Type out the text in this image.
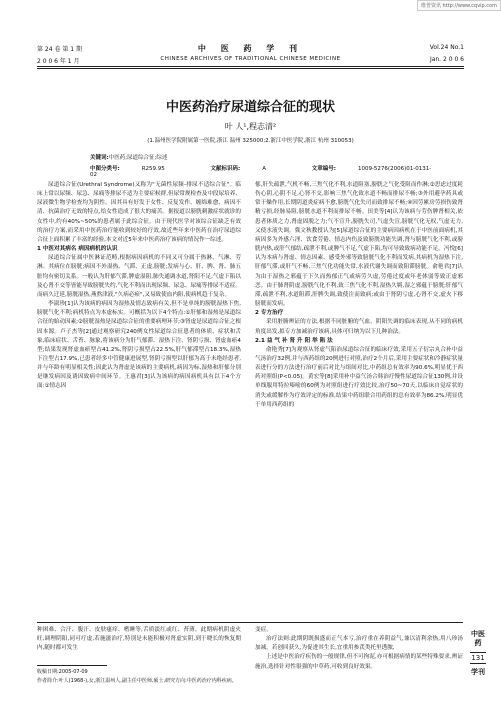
维普资讯 http://www.cqvip.com
第 24 卷 第 1 期	中 医 药 学 刊	Vol.24 No.1
2 0 0 6 年 1 月	CHINESE ARCHIVES OF TRADITIONAL CHINESE MEDICINE	Jan. 2 0 0 6
中医药治疗尿道综合征的现状
叶 人¹,程志清²
(1.温州医学院附属第一医院,浙江 温州 325000;2.浙江中医学院,浙江 杭州 310053)
关键词:中医药;尿道综合征;综述
中图分类号:	R259.95	文献标识码:	A	文章编号:	1009-5276(2006)01-0131-02

尿道综合征(Urethral Syndrome)又称为"无菌性尿频-排尿不适综合征"。临床上常以尿频、尿急、尿痛等排尿不适为主要症候群,但尿常规检查及中段尿培养、尿液微生物学检查均为阴性。因其具有好发于女性、反复发作、缠绵难愈、病因不清、抗菌治疗无效的特点,给女性造成了很大的痛苦。据报道以膀胱刺激症状就诊的女性中,约有40%~50%的患者属于此综合征。由于现代医学对该综合征缺乏有效的治疗方案,而采用中医药治疗能收到较好的疗效,故近些年来中医药在治疗尿道综合征上面积累了丰富的经验,本文对近5年来中医药治疗该病的情况作一综述。

1 中医对其病名 病因病机的认识

尿道综合征属中医淋证范畴,根据病因病机的不同又可分属于热淋、气淋、劳淋。其病位在膀胱;病因不外湿热、气滞、正虚,膀胱;发病与心、肝、脾、肾、肺五脏均有密切关系。一般认为肝郁气滞,脾虚湿阻,肺失通调水道,肾阳不足,气虚下陷以及心肾不交等皆能导致膀胱失约,气化不利而出现尿频、尿急、尿痛等排尿不适症。而病久迁延,膀胱湿热,燕熬津液,"久病必瘀",又易致使血内阻,使病机趋于复杂。

李淑珍[1]认为该病的病因为湿热及情志致病有关,但不是单纯的膀胱湿热下焦,膀胱气化不利;病机特点为本虚标实。可概括为以下4个特点:①肝郁和湿热是尿道综合征的始动因素;②膀胱湿热是尿道综合征的重要病理环节;③肾虚是尿道综合征之根固本源。卢子杰等[2]通过观察研究240例女性尿道综合征患者的体质、症状和舌象,临床症状、舌苔、脉象,将该病分为肝气郁滞、湿热下注、肾阴亏损、肾虚血瘀4型;结果发现肾虚血瘀型占41.2%,肾阴亏损型占22.5%,肝气郁滞型占18.3%,湿热下注型占17.9%,已患者经多中管健康进展型,肾阴亏损型以肝郁为高于未绝经患者,并与年龄有明显相关性;因此认为肾虚是该病的主要病机,病因为标,湿热和肝郁分别是继发病因及诱因致病中间环节。王惠君[3]认为该病的病因病机具有以下4个方面:①情志因

郁,肝失疏泄,气机不畅,三焦气化不利,水道阻塞,膀胱之气化受阻而作淋;②思虑过度耗伤心阴,心阴不足,心肾不交,影响三焦气化致水道不畅而排尿不畅;③外用避孕药具或常干燥作用,长期阴道炎症病不愈,膀胱气化失司而致排尿不畅;④因劳累房劳损伤致肾精亏损,经脉易阻,膀胱水道不利而排尿不畅。田美等[4]认为该病与劳伤脾肾相关,依患者体质之力,肾虚固脱之力;气不宣升,膀胱失司,气虚失宣,膀胱气化无权,气虚无力,又使水液失调。冀文秋教授认为[5]尿道综合征的主要病因病机在于中医前面病机,其病因多为外感六淫、饮食劳倦、情志内伤及致膀胱功能失调,肾与膀胱气化不利,或膀胱内热,或肝气郁结,疏泄不利,或脾气不足,气虚下陷,均可导致致病功能不足。冯悦[6]认为本病与肾虚、情志因素、感受外邪等致膀胱气化不利而发病,其病机为湿热下注,肝郁气滞,或肝气不畅,三焦气化功能失常,水液代谢失调而致阻滞膀胱。俞艳君[7]认为由于湿热之邪蕴于下久而热郁正气或病劳久虚,劳倦过度或年老体弱等致正虚邪恋。由于肺肾阴虚,膀胱气化不利,致三焦气化不利,湿热久羁,湿之邪蕴于膀胱;肝郁气滞,疏泄不利,水道阻滞,肝脾失调,致使注而致病;或由于肾阴亏虚,心肾不交,虚火下移膀胱而发病。

2 专方治疗

采用脏腑辨证的方法,根据不同脏腑的气血、阴阳失调的临床表现,从不同的病机角度出发,拟专方加减治疗该病,具体可归纳为以下几种治法。

2.1 益 气 补 肾 升 阳 举 陷 法

俞艳秀[7]为观察从肾虚气陷治尿道综合征的临床疗效,采用五子衍宗丸合补中益气汤治疗32例,并与西药组的20例进行对照,治疗2个月后,采用主要症状和冷静症状量表进行分的方法进行治疗前后对比与组间对比,中药组总有效率为90.6%,明显优于西药对照组(P<0.05)。黄宏等[8]采用补中益气汤合韩治疗慢性尿道综合征130例,并设单线服用特拉嗪嘧的60例为对照组进行疗效比较,治疗50~70天,以临床自觉症状的消失或缓解作为疗效评定的标准,结果中药组联合用药组的总有效率为86.2%,明显优于单用西药组的

种困难、合汗、腹汗、皮肤瘙痒、嗜睡等,舌质淡红或红、苔薄。此期病机阴虚火旺,调理阴阳,同可疗虚,若施滋治疗,特别是未能积极对肾虚实阴,到于晓长的恢复期内,随时都可发生

变症。

治疗法则:此期阴既损盛而正气本亏,治疗重在养阴益气,兼以清利余热,用八珍汤加减。若创回获久,为促进其生长,宜重用参芪类托里透脓,

上述是中医治疗疾伤的一般规律,但不可拘泥,亦可根据病情的某些特殊要求,辨证施治,选择针对性很强的中草药,可收到良好效果。

收稿日期:2005-07-09

作者简介:叶人(1968-),女,浙江温州人,副主任中医师,硕士,研究方向:中医药治疗内科疾病。

中医药
131
学刊
